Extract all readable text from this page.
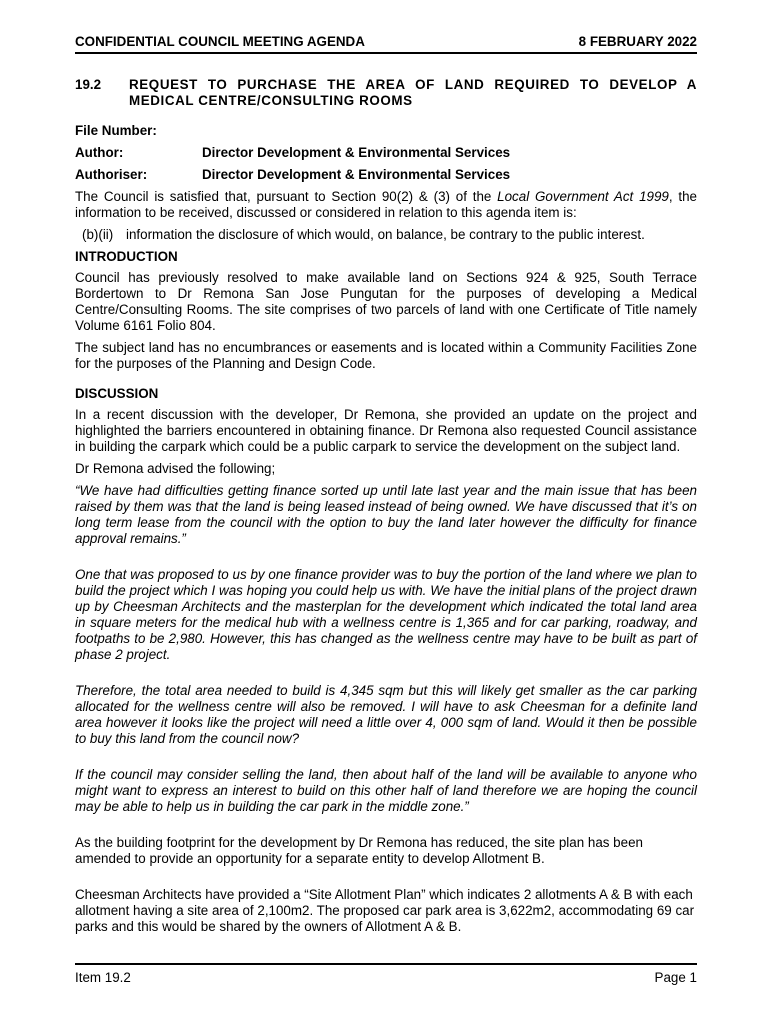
CONFIDENTIAL COUNCIL MEETING AGENDA	8 FEBRUARY 2022
19.2	REQUEST TO PURCHASE THE AREA OF LAND REQUIRED TO DEVELOP A MEDICAL CENTRE/CONSULTING ROOMS
File Number:
Author:	Director Development & Environmental Services
Authoriser:	Director Development & Environmental Services

The Council is satisfied that, pursuant to Section 90(2) & (3) of the Local Government Act 1999, the information to be received, discussed or considered in relation to this agenda item is:

(b)(ii) information the disclosure of which would, on balance, be contrary to the public interest.
INTRODUCTION

Council has previously resolved to make available land on Sections 924 & 925, South Terrace Bordertown to Dr Remona San Jose Pungutan for the purposes of developing a Medical Centre/Consulting Rooms. The site comprises of two parcels of land with one Certificate of Title namely Volume 6161 Folio 804.

The subject land has no encumbrances or easements and is located within a Community Facilities Zone for the purposes of the Planning and Design Code.

DISCUSSION

In a recent discussion with the developer, Dr Remona, she provided an update on the project and highlighted the barriers encountered in obtaining finance. Dr Remona also requested Council assistance in building the carpark which could be a public carpark to service the development on the subject land.

Dr Remona advised the following;

“We have had difficulties getting finance sorted up until late last year and the main issue that has been raised by them was that the land is being leased instead of being owned. We have discussed that it’s on long term lease from the council with the option to buy the land later however the difficulty for finance approval remains.”

One that was proposed to us by one finance provider was to buy the portion of the land where we plan to build the project which I was hoping you could help us with. We have the initial plans of the project drawn up by Cheesman Architects and the masterplan for the development which indicated the total land area in square meters for the medical hub with a wellness centre is 1,365 and for car parking, roadway, and footpaths to be 2,980. However, this has changed as the wellness centre may have to be built as part of phase 2 project.

Therefore, the total area needed to build is 4,345 sqm but this will likely get smaller as the car parking allocated for the wellness centre will also be removed. I will have to ask Cheesman for a definite land area however it looks like the project will need a little over 4, 000 sqm of land. Would it then be possible to buy this land from the council now?

If the council may consider selling the land, then about half of the land will be available to anyone who might want to express an interest to build on this other half of land therefore we are hoping the council may be able to help us in building the car park in the middle zone.”

As the building footprint for the development by Dr Remona has reduced, the site plan has been amended to provide an opportunity for a separate entity to develop Allotment B.

Cheesman Architects have provided a “Site Allotment Plan” which indicates 2 allotments A & B with each allotment having a site area of 2,100m2. The proposed car park area is 3,622m2, accommodating 69 car parks and this would be shared by the owners of Allotment A & B.

Item 19.2	Page 1
